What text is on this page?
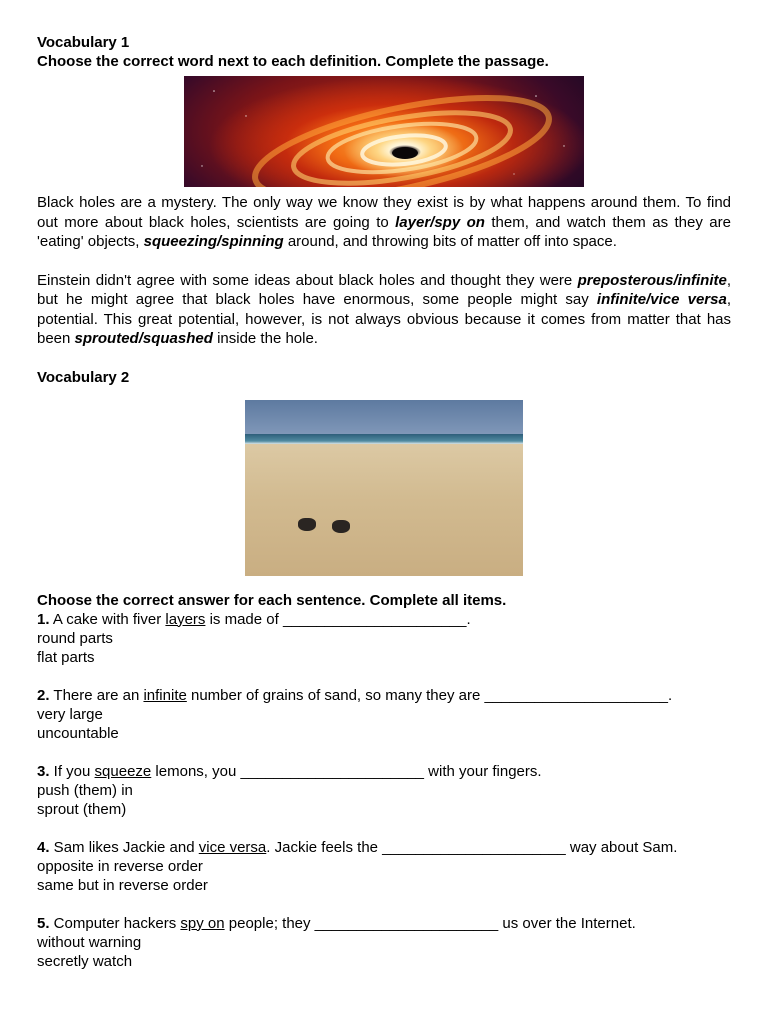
Vocabulary 1
Choose the correct word next to each definition. Complete the passage.
Black holes are a mystery. The only way we know they exist is by what happens around them. To find out more about black holes, scientists are going to layer/spy on them, and watch them as they are 'eating' objects, squeezing/spinning around, and throwing bits of matter off into space.
Einstein didn't agree with some ideas about black holes and thought they were preposterous/infinite, but he might agree that black holes have enormous, some people might say infinite/vice versa, potential. This great potential, however, is not always obvious because it comes from matter that has been sprouted/squashed inside the hole.
Vocabulary 2
Choose the correct answer for each sentence. Complete all items.
1. A cake with fiver layers is made of ______________________.
round parts
flat parts
2. There are an infinite number of grains of sand, so many they are ______________________.
very large
uncountable
3. If you squeeze lemons, you ______________________ with your fingers.
push (them) in
sprout (them)
4. Sam likes Jackie and vice versa. Jackie feels the ______________________ way about Sam.
opposite in reverse order
same but in reverse order
5. Computer hackers spy on people; they ______________________ us over the Internet.
without warning
secretly watch
